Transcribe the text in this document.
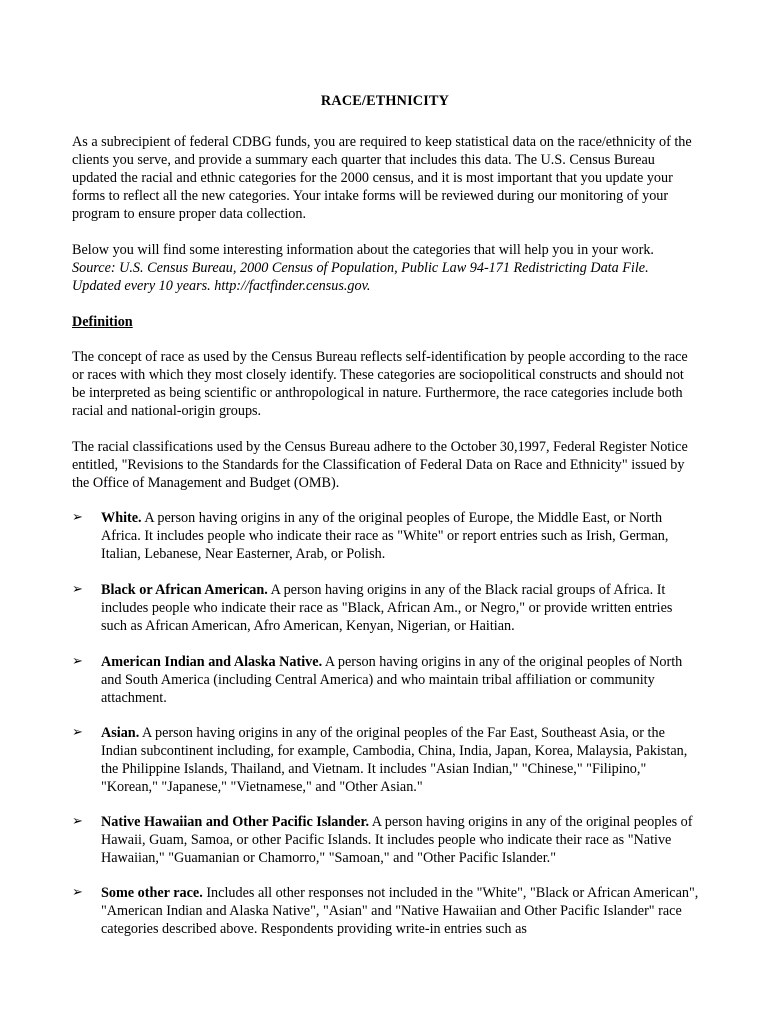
RACE/ETHNICITY

As a subrecipient of federal CDBG funds, you are required to keep statistical data on the race/ethnicity of the clients you serve, and provide a summary each quarter that includes this data. The U.S. Census Bureau updated the racial and ethnic categories for the 2000 census, and it is most important that you update your forms to reflect all the new categories. Your intake forms will be reviewed during our monitoring of your program to ensure proper data collection.

Below you will find some interesting information about the categories that will help you in your work.

Source: U.S. Census Bureau, 2000 Census of Population, Public Law 94-171 Redistricting Data File. Updated every 10 years. http://factfinder.census.gov.

Definition

The concept of race as used by the Census Bureau reflects self-identification by people according to the race or races with which they most closely identify. These categories are sociopolitical constructs and should not be interpreted as being scientific or anthropological in nature. Furthermore, the race categories include both racial and national-origin groups.

The racial classifications used by the Census Bureau adhere to the October 30,1997, Federal Register Notice entitled, "Revisions to the Standards for the Classification of Federal Data on Race and Ethnicity" issued by the Office of Management and Budget (OMB).

➢	White. A person having origins in any of the original peoples of Europe, the Middle East, or North Africa. It includes people who indicate their race as "White" or report entries such as Irish, German, Italian, Lebanese, Near Easterner, Arab, or Polish.
➢	Black or African American. A person having origins in any of the Black racial groups of Africa. It includes people who indicate their race as "Black, African Am., or Negro," or provide written entries such as African American, Afro American, Kenyan, Nigerian, or Haitian.
➢	American Indian and Alaska Native. A person having origins in any of the original peoples of North and South America (including Central America) and who maintain tribal affiliation or community attachment.
➢	Asian. A person having origins in any of the original peoples of the Far East, Southeast Asia, or the Indian subcontinent including, for example, Cambodia, China, India, Japan, Korea, Malaysia, Pakistan, the Philippine Islands, Thailand, and Vietnam. It includes "Asian Indian," "Chinese," "Filipino," "Korean," "Japanese," "Vietnamese," and "Other Asian."
➢	Native Hawaiian and Other Pacific Islander. A person having origins in any of the original peoples of Hawaii, Guam, Samoa, or other Pacific Islands. It includes people who indicate their race as "Native Hawaiian," "Guamanian or Chamorro," "Samoan," and "Other Pacific Islander."
➢	Some other race. Includes all other responses not included in the "White", "Black or African American", "American Indian and Alaska Native", "Asian" and "Native Hawaiian and Other Pacific Islander" race categories described above. Respondents providing write-in entries such as
